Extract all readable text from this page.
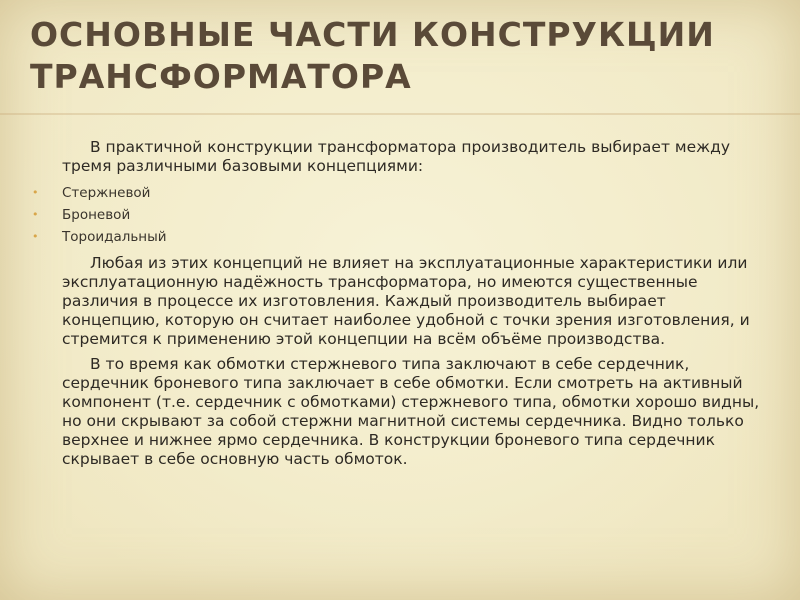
ОСНОВНЫЕ ЧАСТИ КОНСТРУКЦИИ ТРАНСФОРМАТОРА

В практичной конструкции трансформатора производитель выбирает между тремя различными базовыми концепциями:

• Стержневой
• Броневой
• Тороидальный

Любая из этих концепций не влияет на эксплуатационные характеристики или эксплуатационную надёжность трансформатора, но имеются существенные различия в процессе их изготовления. Каждый производитель выбирает концепцию, которую он считает наиболее удобной с точки зрения изготовления, и стремится к применению этой концепции на всём объёме производства.

В то время как обмотки стержневого типа заключают в себе сердечник, сердечник броневого типа заключает в себе обмотки. Если смотреть на активный компонент (т.е. сердечник с обмотками) стержневого типа, обмотки хорошо видны, но они скрывают за собой стержни магнитной системы сердечника. Видно только верхнее и нижнее ярмо сердечника. В конструкции броневого типа сердечник скрывает в себе основную часть обмоток.
